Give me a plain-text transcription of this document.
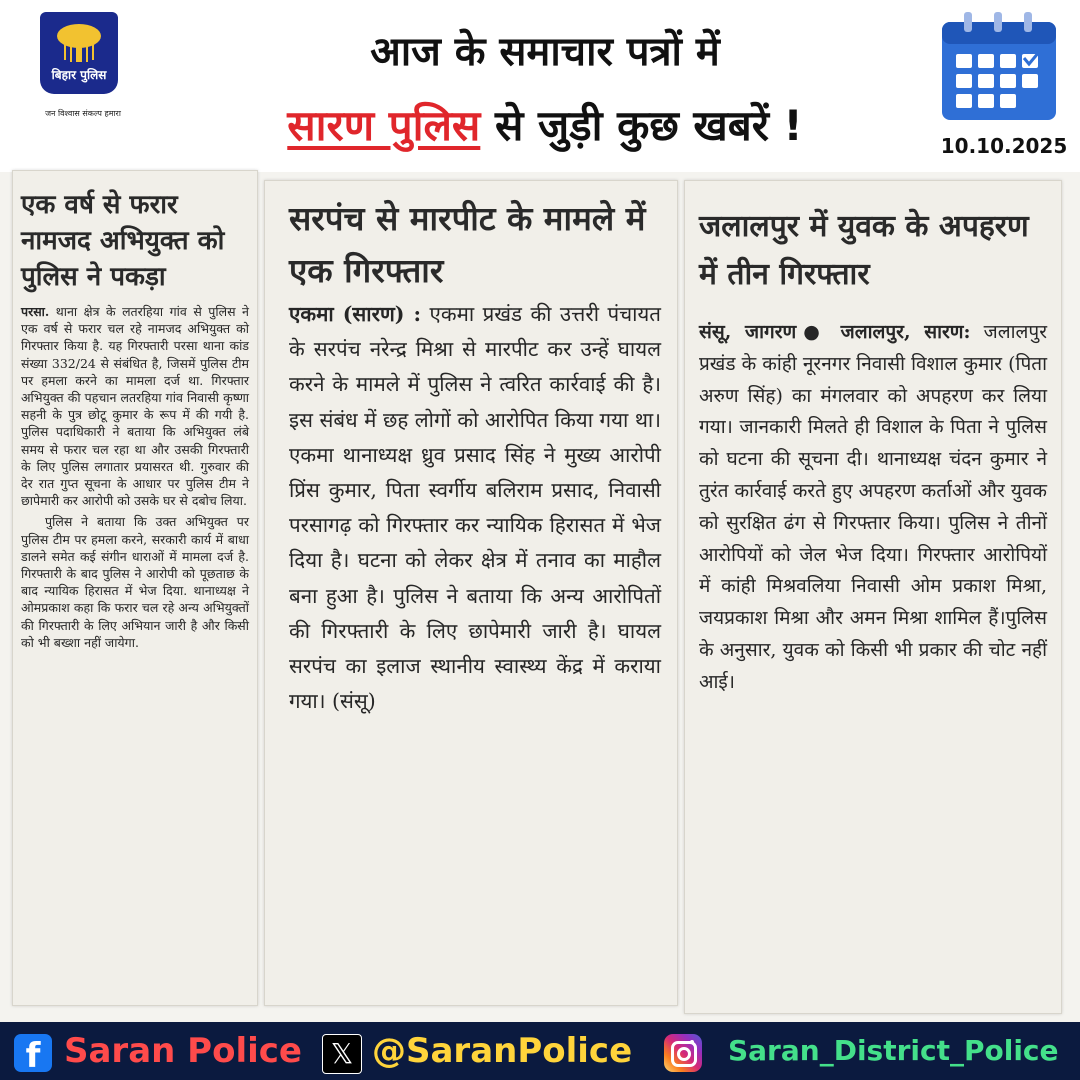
बिहार पुलिस
जन विश्वास संकल्प हमारा
आज के समाचार पत्रों में
सारण पुलिस से जुड़ी कुछ खबरें !	10.10.2025
एक वर्ष से फरार नामजद अभियुक्त को पुलिस ने पकड़ा

परसा. थाना क्षेत्र के लतरहिया गांव से पुलिस ने एक वर्ष से फरार चल रहे नामजद अभियुक्त को गिरफ्तार किया है. यह गिरफ्तारी परसा थाना कांड संख्या 332/24 से संबंधित है, जिसमें पुलिस टीम पर हमला करने का मामला दर्ज था. गिरफ्तार अभियुक्त की पहचान लतरहिया गांव निवासी कृष्णा सहनी के पुत्र छोटू कुमार के रूप में की गयी है. पुलिस पदाधिकारी ने बताया कि अभियुक्त लंबे समय से फरार चल रहा था और उसकी गिरफ्तारी के लिए पुलिस लगातार प्रयासरत थी. गुरुवार की देर रात गुप्त सूचना के आधार पर पुलिस टीम ने छापेमारी कर आरोपी को उसके घर से दबोच लिया.

पुलिस ने बताया कि उक्त अभियुक्त पर पुलिस टीम पर हमला करने, सरकारी कार्य में बाधा डालने समेत कई संगीन धाराओं में मामला दर्ज है. गिरफ्तारी के बाद पुलिस ने आरोपी को पूछताछ के बाद न्यायिक हिरासत में भेज दिया. थानाध्यक्ष ने ओमप्रकाश कहा कि फरार चल रहे अन्य अभियुक्तों की गिरफ्तारी के लिए अभियान जारी है और किसी को भी बख्शा नहीं जायेगा.

सरपंच से मारपीट के मामले में एक गिरफ्तार

एकमा (सारण) : एकमा प्रखंड की उत्तरी पंचायत के सरपंच नरेन्द्र मिश्रा से मारपीट कर उन्हें घायल करने के मामले में पुलिस ने त्वरित कार्रवाई की है। इस संबंध में छह लोगों को आरोपित किया गया था। एकमा थानाध्यक्ष ध्रुव प्रसाद सिंह ने मुख्य आरोपी प्रिंस कुमार, पिता स्वर्गीय बलिराम प्रसाद, निवासी परसागढ़ को गिरफ्तार कर न्यायिक हिरासत में भेज दिया है। घटना को लेकर क्षेत्र में तनाव का माहौल बना हुआ है। पुलिस ने बताया कि अन्य आरोपितों की गिरफ्तारी के लिए छापेमारी जारी है। घायल सरपंच का इलाज स्थानीय स्वास्थ्य केंद्र में कराया गया। (संसू)

जलालपुर में युवक के अपहरण में तीन गिरफ्तार

संसू, जागरण● जलालपुर, सारण: जलालपुर प्रखंड के कांही नूरनगर निवासी विशाल कुमार (पिता अरुण सिंह) का मंगलवार को अपहरण कर लिया गया। जानकारी मिलते ही विशाल के पिता ने पुलिस को घटना की सूचना दी। थानाध्यक्ष चंदन कुमार ने तुरंत कार्रवाई करते हुए अपहरण कर्ताओं और युवक को सुरक्षित ढंग से गिरफ्तार किया। पुलिस ने तीनों आरोपियों को जेल भेज दिया। गिरफ्तार आरोपियों में कांही मिश्रवलिया निवासी ओम प्रकाश मिश्रा, जयप्रकाश मिश्रा और अमन मिश्रा शामिल हैं।पुलिस के अनुसार, युवक को किसी भी प्रकार की चोट नहीं आई।

f Saran Police	𝕏 @SaranPolice	Saran_District_Police
